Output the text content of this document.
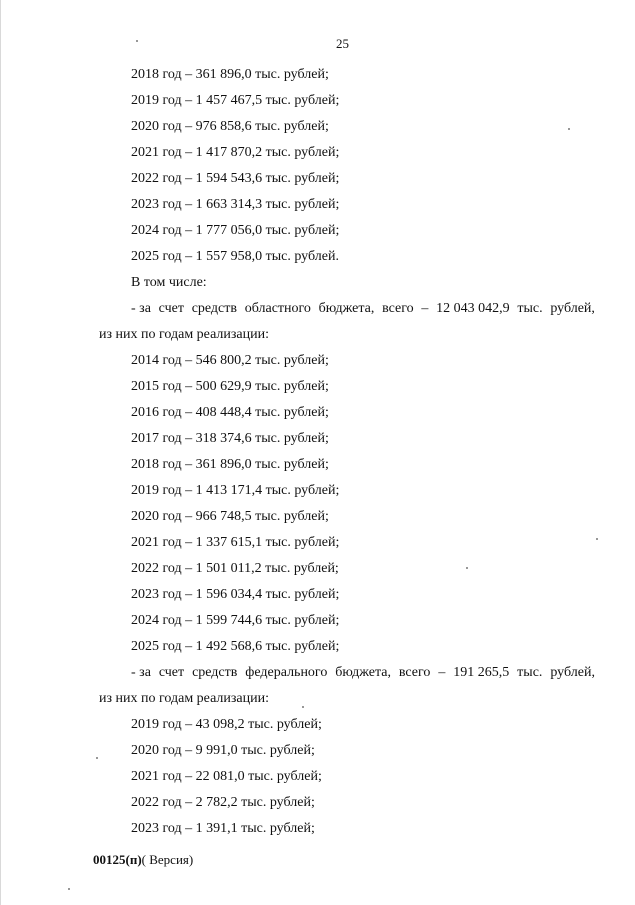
25
2018 год – 361 896,0 тыс. рублей;
2019 год – 1 457 467,5 тыс. рублей;
2020 год – 976 858,6 тыс. рублей;
2021 год – 1 417 870,2 тыс. рублей;
2022 год – 1 594 543,6 тыс. рублей;
2023 год – 1 663 314,3 тыс. рублей;
2024 год – 1 777 056,0 тыс. рублей;
2025 год – 1 557 958,0 тыс. рублей.
В том числе:
- за счет средств областного бюджета, всего – 12 043 042,9 тыс. рублей,
из них по годам реализации:
2014 год – 546 800,2 тыс. рублей;
2015 год – 500 629,9 тыс. рублей;
2016 год – 408 448,4 тыс. рублей;
2017 год – 318 374,6 тыс. рублей;
2018 год – 361 896,0 тыс. рублей;
2019 год – 1 413 171,4 тыс. рублей;
2020 год – 966 748,5 тыс. рублей;
2021 год – 1 337 615,1 тыс. рублей;
2022 год – 1 501 011,2 тыс. рублей;
2023 год – 1 596 034,4 тыс. рублей;
2024 год – 1 599 744,6 тыс. рублей;
2025 год – 1 492 568,6 тыс. рублей;
- за счет средств федерального бюджета, всего – 191 265,5 тыс. рублей,
из них по годам реализации:
2019 год – 43 098,2 тыс. рублей;
2020 год – 9 991,0 тыс. рублей;
2021 год – 22 081,0 тыс. рублей;
2022 год – 2 782,2 тыс. рублей;
2023 год – 1 391,1 тыс. рублей;
00125(п)( Версия)
